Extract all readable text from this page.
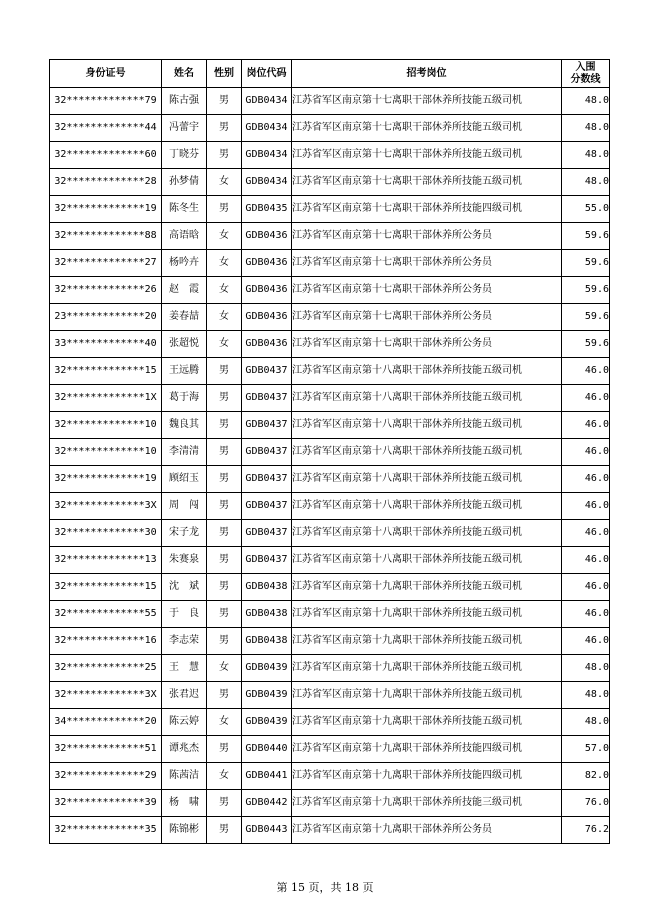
身份证号	姓名	性别	岗位代码	招考岗位	入围
分数线

32*************79	陈古强	男	GDB0434	江苏省军区南京第十七离职干部休养所技能五级司机	48.0
32*************44	冯蕾宇	男	GDB0434	江苏省军区南京第十七离职干部休养所技能五级司机	48.0
32*************60	丁晓芬	男	GDB0434	江苏省军区南京第十七离职干部休养所技能五级司机	48.0
32*************28	孙梦倩	女	GDB0434	江苏省军区南京第十七离职干部休养所技能五级司机	48.0
32*************19	陈冬生	男	GDB0435	江苏省军区南京第十七离职干部休养所技能四级司机	55.0
32*************88	高语晗	女	GDB0436	江苏省军区南京第十七离职干部休养所公务员	59.6
32*************27	杨吟卉	女	GDB0436	江苏省军区南京第十七离职干部休养所公务员	59.6
32*************26	赵　霞	女	GDB0436	江苏省军区南京第十七离职干部休养所公务员	59.6
23*************20	姜春喆	女	GDB0436	江苏省军区南京第十七离职干部休养所公务员	59.6
33*************40	张超悦	女	GDB0436	江苏省军区南京第十七离职干部休养所公务员	59.6
32*************15	王远腾	男	GDB0437	江苏省军区南京第十八离职干部休养所技能五级司机	46.0
32*************1X	葛于海	男	GDB0437	江苏省军区南京第十八离职干部休养所技能五级司机	46.0
32*************10	魏良其	男	GDB0437	江苏省军区南京第十八离职干部休养所技能五级司机	46.0
32*************10	李清清	男	GDB0437	江苏省军区南京第十八离职干部休养所技能五级司机	46.0
32*************19	顾绍玉	男	GDB0437	江苏省军区南京第十八离职干部休养所技能五级司机	46.0
32*************3X	周　闯	男	GDB0437	江苏省军区南京第十八离职干部休养所技能五级司机	46.0
32*************30	宋子龙	男	GDB0437	江苏省军区南京第十八离职干部休养所技能五级司机	46.0
32*************13	朱赛泉	男	GDB0437	江苏省军区南京第十八离职干部休养所技能五级司机	46.0
32*************15	沈　斌	男	GDB0438	江苏省军区南京第十九离职干部休养所技能五级司机	46.0
32*************55	于　良	男	GDB0438	江苏省军区南京第十九离职干部休养所技能五级司机	46.0
32*************16	李志荣	男	GDB0438	江苏省军区南京第十九离职干部休养所技能五级司机	46.0
32*************25	王　慧	女	GDB0439	江苏省军区南京第十九离职干部休养所技能五级司机	48.0
32*************3X	张君迟	男	GDB0439	江苏省军区南京第十九离职干部休养所技能五级司机	48.0
34*************20	陈云婷	女	GDB0439	江苏省军区南京第十九离职干部休养所技能五级司机	48.0
32*************51	谭兆杰	男	GDB0440	江苏省军区南京第十九离职干部休养所技能四级司机	57.0
32*************29	陈茜洁	女	GDB0441	江苏省军区南京第十九离职干部休养所技能四级司机	82.0
32*************39	杨　啸	男	GDB0442	江苏省军区南京第十九离职干部休养所技能三级司机	76.0
32*************35	陈锦彬	男	GDB0443	江苏省军区南京第十九离职干部休养所公务员	76.2
第 15 页，共 18 页
